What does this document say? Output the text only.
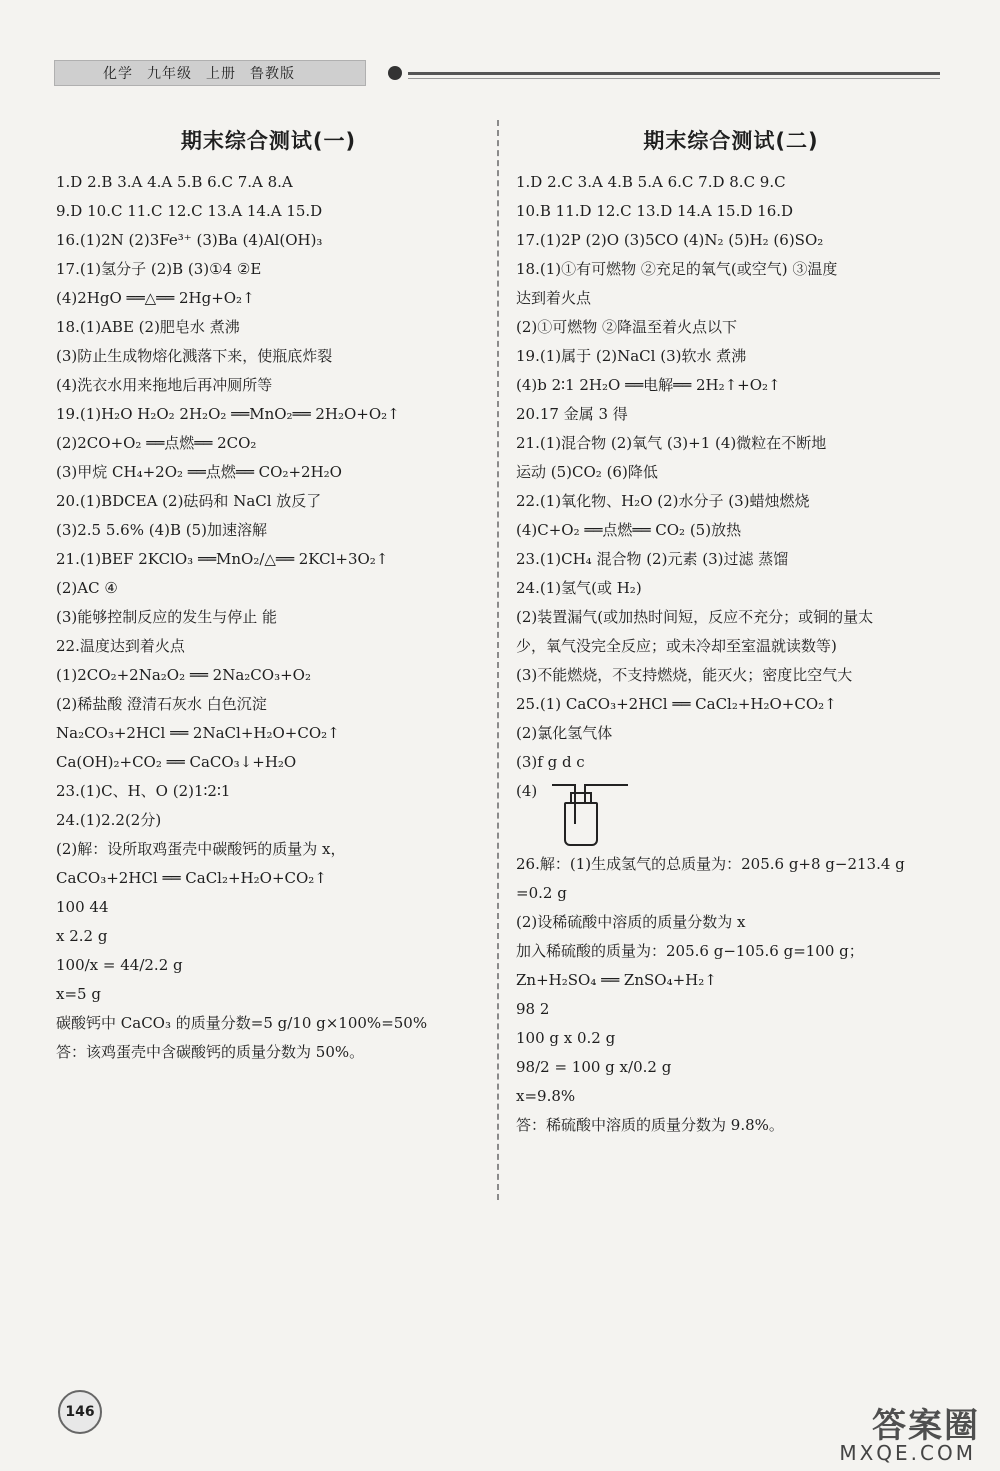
化学 九年级 上册 鲁教版
期末综合测试(一)
1.D 2.B 3.A 4.A 5.B 6.C 7.A 8.A
9.D 10.C 11.C 12.C 13.A 14.A 15.D
16.(1)2N (2)3Fe³⁺ (3)Ba (4)Al(OH)₃
17.(1)氢分子 (2)B (3)①4 ②E
(4)2HgO ══△══ 2Hg+O₂↑
18.(1)ABE (2)肥皂水 煮沸
(3)防止生成物熔化溅落下来，使瓶底炸裂
(4)洗衣水用来拖地后再冲厕所等
19.(1)H₂O H₂O₂ 2H₂O₂ ══MnO₂══ 2H₂O+O₂↑
(2)2CO+O₂ ══点燃══ 2CO₂
(3)甲烷 CH₄+2O₂ ══点燃══ CO₂+2H₂O
20.(1)BDCEA (2)砝码和 NaCl 放反了
(3)2.5 5.6% (4)B (5)加速溶解
21.(1)BEF 2KClO₃ ══MnO₂/△══ 2KCl+3O₂↑
(2)AC ④
(3)能够控制反应的发生与停止 能
22.温度达到着火点
(1)2CO₂+2Na₂O₂ ══ 2Na₂CO₃+O₂
(2)稀盐酸 澄清石灰水 白色沉淀
Na₂CO₃+2HCl ══ 2NaCl+H₂O+CO₂↑
Ca(OH)₂+CO₂ ══ CaCO₃↓+H₂O
23.(1)C、H、O (2)1∶2∶1
24.(1)2.2(2分)
(2)解：设所取鸡蛋壳中碳酸钙的质量为 x，
CaCO₃+2HCl ══ CaCl₂+H₂O+CO₂↑
100 44
x 2.2 g
100/x = 44/2.2 g
x=5 g
碳酸钙中 CaCO₃ 的质量分数=5 g/10 g×100%=50%
答：该鸡蛋壳中含碳酸钙的质量分数为 50%。
期末综合测试(二)
1.D 2.C 3.A 4.B 5.A 6.C 7.D 8.C 9.C
10.B 11.D 12.C 13.D 14.A 15.D 16.D
17.(1)2P (2)O (3)5CO (4)N₂ (5)H₂ (6)SO₂
18.(1)①有可燃物 ②充足的氧气(或空气) ③温度
达到着火点
(2)①可燃物 ②降温至着火点以下
19.(1)属于 (2)NaCl (3)软水 煮沸
(4)b 2∶1 2H₂O ══电解══ 2H₂↑+O₂↑
20.17 金属 3 得
21.(1)混合物 (2)氧气 (3)+1 (4)微粒在不断地
运动 (5)CO₂ (6)降低
22.(1)氧化物、H₂O (2)水分子 (3)蜡烛燃烧
(4)C+O₂ ══点燃══ CO₂ (5)放热
23.(1)CH₄ 混合物 (2)元素 (3)过滤 蒸馏
24.(1)氢气(或 H₂)
(2)装置漏气(或加热时间短，反应不充分；或铜的量太
少，氧气没完全反应；或未冷却至室温就读数等)
(3)不能燃烧，不支持燃烧，能灭火；密度比空气大
25.(1) CaCO₃+2HCl ══ CaCl₂+H₂O+CO₂↑
(2)氯化氢气体
(3)f g d c
(4)
26.解：(1)生成氢气的总质量为：205.6 g+8 g−213.4 g
=0.2 g
(2)设稀硫酸中溶质的质量分数为 x
加入稀硫酸的质量为：205.6 g−105.6 g=100 g；
Zn+H₂SO₄ ══ ZnSO₄+H₂↑
98 2
100 g x 0.2 g
98/2 = 100 g x/0.2 g
x=9.8%
答：稀硫酸中溶质的质量分数为 9.8%。
146	答案圈
MXQE.COM
